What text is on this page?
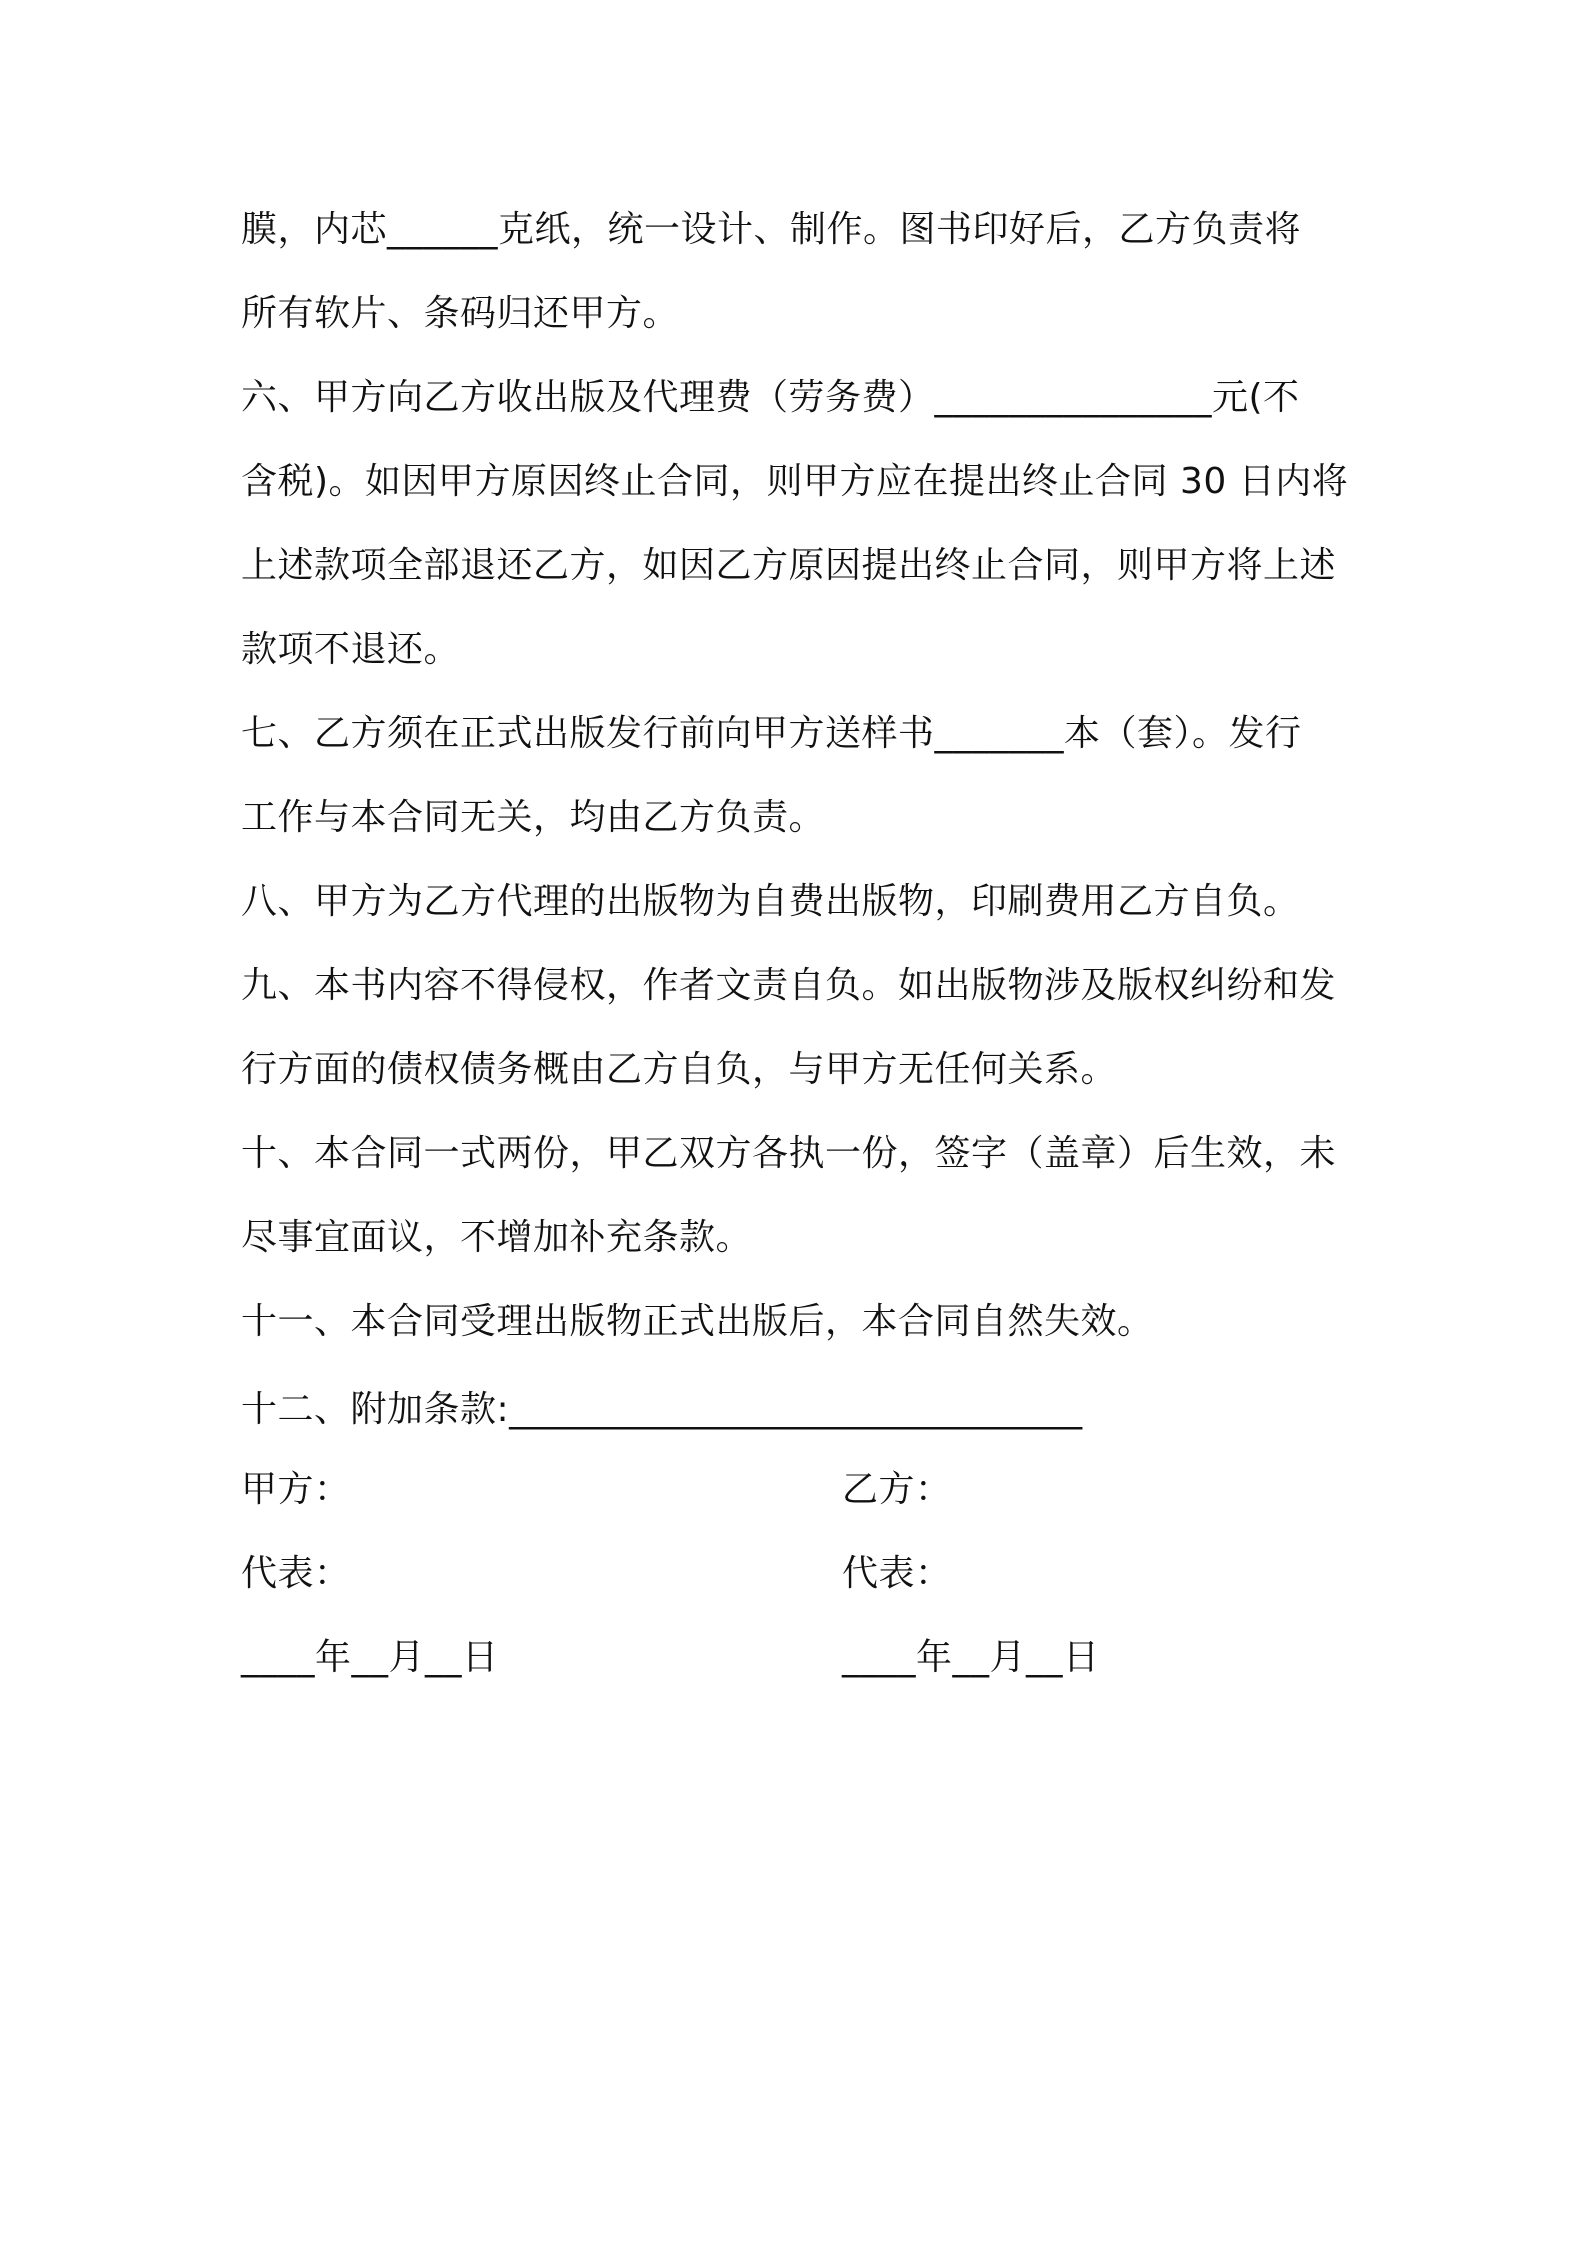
膜，内芯______克纸，统一设计、制作。图书印好后，乙方负责将

所有软片、条码归还甲方。

六、甲方向乙方收出版及代理费（劳务费）_______________元(不

含税)。如因甲方原因终止合同，则甲方应在提出终止合同 30 日内将

上述款项全部退还乙方，如因乙方原因提出终止合同，则甲方将上述

款项不退还。

七、乙方须在正式出版发行前向甲方送样书_______本（套）。发行

工作与本合同无关，均由乙方负责。

八、甲方为乙方代理的出版物为自费出版物，印刷费用乙方自负。

九、本书内容不得侵权，作者文责自负。如出版物涉及版权纠纷和发

行方面的债权债务概由乙方自负，与甲方无任何关系。

十、本合同一式两份，甲乙双方各执一份，签字（盖章）后生效，未

尽事宜面议，不增加补充条款。

十一、本合同受理出版物正式出版后，本合同自然失效。

十二、附加条款:_______________________________

甲方：	乙方：

代表：	代表：

____年__月__日	____年__月__日
